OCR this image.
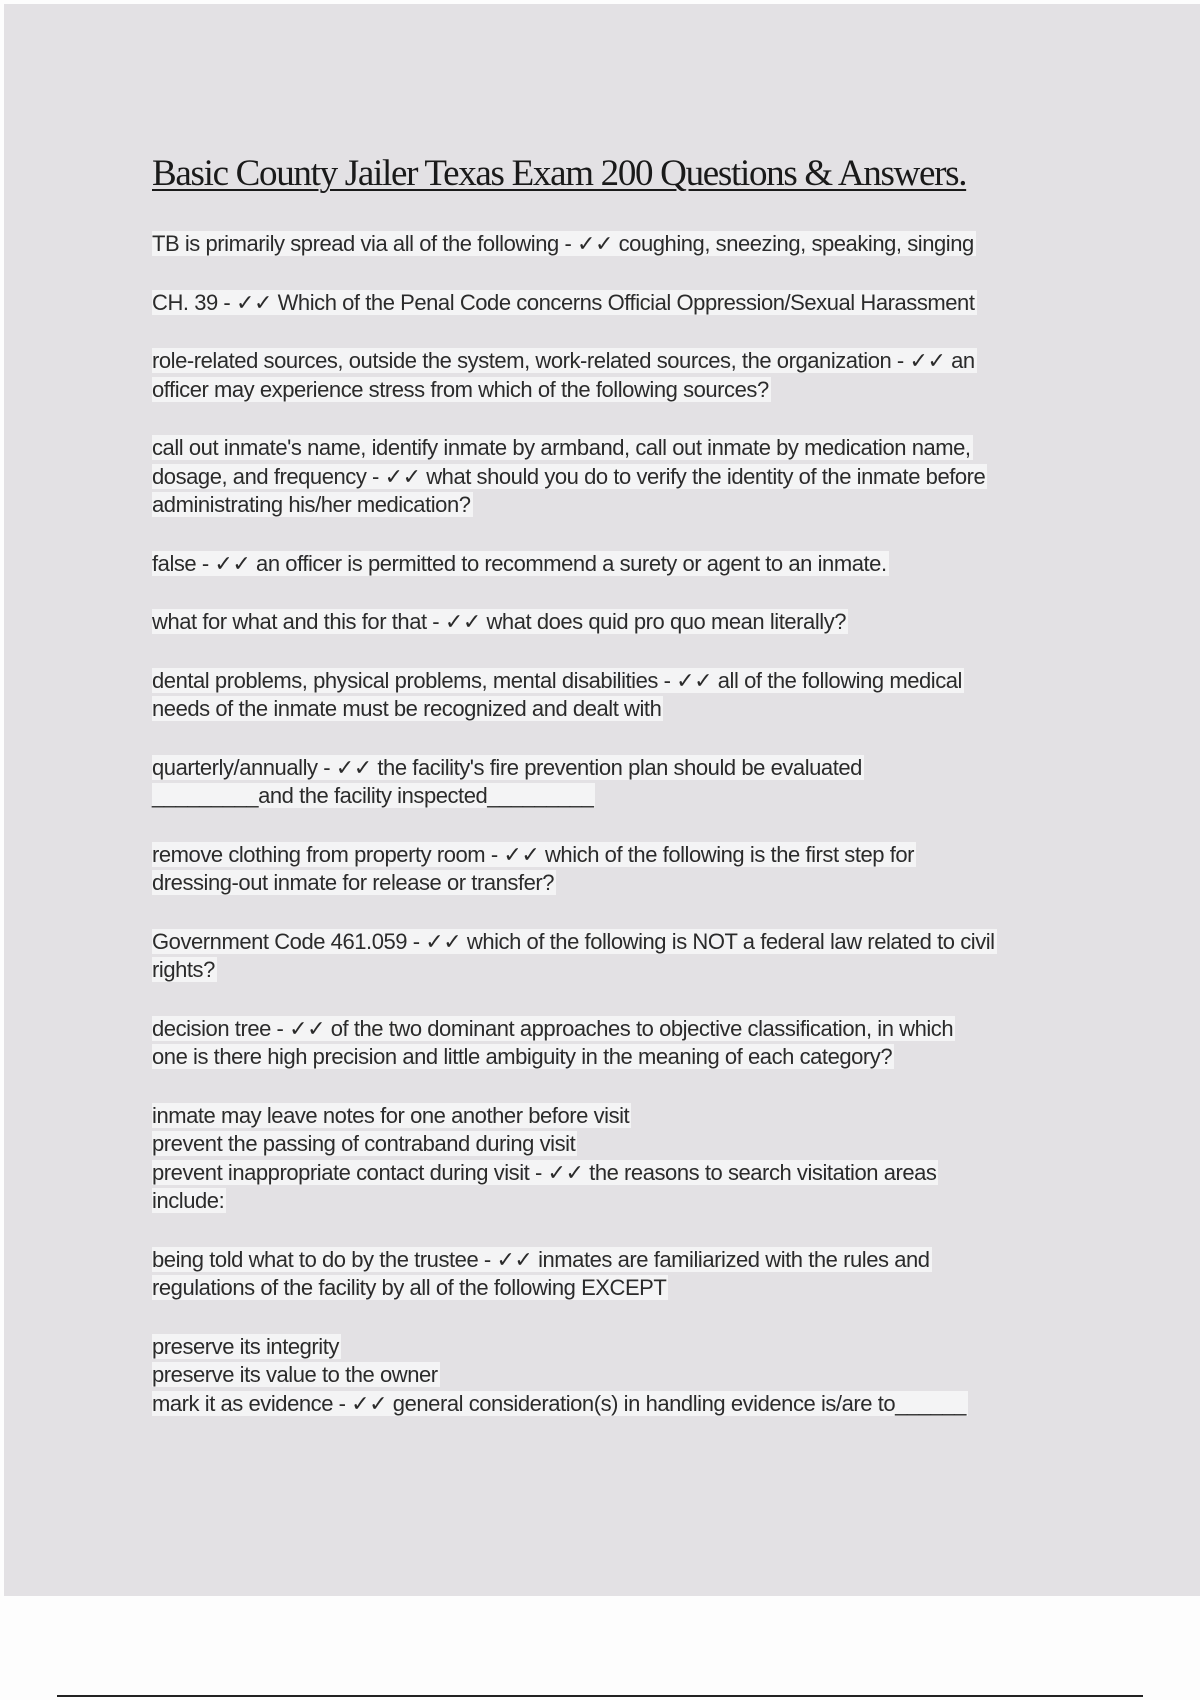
Basic County Jailer Texas Exam 200 Questions & Answers.
TB is primarily spread via all of the following - ✓✓ coughing, sneezing, speaking, singing
CH. 39 - ✓✓ Which of the Penal Code concerns Official Oppression/Sexual Harassment
role-related sources, outside the system, work-related sources, the organization - ✓✓ an
officer may experience stress from which of the following sources?
call out inmate's name, identify inmate by armband, call out inmate by medication name,
dosage, and frequency - ✓✓ what should you do to verify the identity of the inmate before
administrating his/her medication?
false - ✓✓ an officer is permitted to recommend a surety or agent to an inmate.
what for what and this for that - ✓✓ what does quid pro quo mean literally?
dental problems, physical problems, mental disabilities - ✓✓ all of the following medical
needs of the inmate must be recognized and dealt with
quarterly/annually - ✓✓ the facility's fire prevention plan should be evaluated
_________and the facility inspected_________
remove clothing from property room - ✓✓ which of the following is the first step for
dressing-out inmate for release or transfer?
Government Code 461.059 - ✓✓ which of the following is NOT a federal law related to civil
rights?
decision tree - ✓✓ of the two dominant approaches to objective classification, in which
one is there high precision and little ambiguity in the meaning of each category?
inmate may leave notes for one another before visit
prevent the passing of contraband during visit
prevent inappropriate contact during visit - ✓✓ the reasons to search visitation areas
include:
being told what to do by the trustee - ✓✓ inmates are familiarized with the rules and
regulations of the facility by all of the following EXCEPT
preserve its integrity
preserve its value to the owner
mark it as evidence - ✓✓ general consideration(s) in handling evidence is/are to______
